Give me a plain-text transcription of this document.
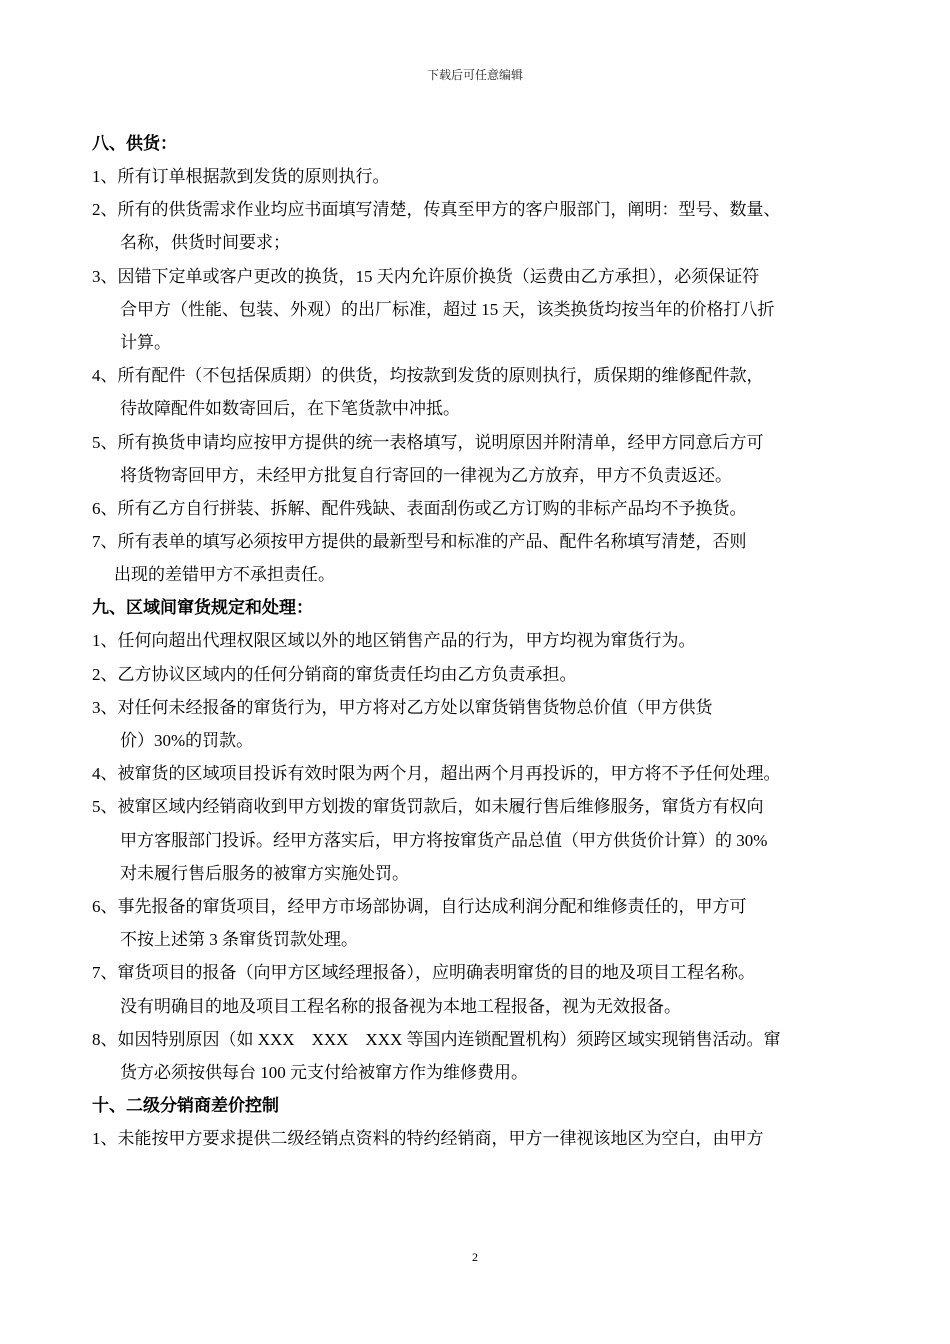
下载后可任意编辑
八、供货：
1、所有订单根据款到发货的原则执行。
2、所有的供货需求作业均应书面填写清楚，传真至甲方的客户服部门，阐明：型号、数量、
名称，供货时间要求；
3、因错下定单或客户更改的换货，15 天内允许原价换货（运费由乙方承担），必须保证符
合甲方（性能、包装、外观）的出厂标准，超过 15 天，该类换货均按当年的价格打八折
计算。
4、所有配件（不包括保质期）的供货，均按款到发货的原则执行，质保期的维修配件款，
待故障配件如数寄回后，在下笔货款中冲抵。
5、所有换货申请均应按甲方提供的统一表格填写，说明原因并附清单，经甲方同意后方可
将货物寄回甲方，未经甲方批复自行寄回的一律视为乙方放弃，甲方不负责返还。
6、所有乙方自行拼装、拆解、配件残缺、表面刮伤或乙方订购的非标产品均不予换货。
7、所有表单的填写必须按甲方提供的最新型号和标准的产品、配件名称填写清楚，否则
出现的差错甲方不承担责任。
九、区域间窜货规定和处理：
1、任何向超出代理权限区域以外的地区销售产品的行为，甲方均视为窜货行为。
2、乙方协议区域内的任何分销商的窜货责任均由乙方负责承担。
3、对任何未经报备的窜货行为，甲方将对乙方处以窜货销售货物总价值（甲方供货
价）30%的罚款。
4、被窜货的区域项目投诉有效时限为两个月，超出两个月再投诉的，甲方将不予任何处理。
5、被窜区域内经销商收到甲方划拨的窜货罚款后，如未履行售后维修服务，窜货方有权向
甲方客服部门投诉。经甲方落实后，甲方将按窜货产品总值（甲方供货价计算）的 30%
对未履行售后服务的被窜方实施处罚。
6、事先报备的窜货项目，经甲方市场部协调，自行达成利润分配和维修责任的，甲方可
不按上述第 3 条窜货罚款处理。
7、窜货项目的报备（向甲方区域经理报备），应明确表明窜货的目的地及项目工程名称。
没有明确目的地及项目工程名称的报备视为本地工程报备，视为无效报备。
8、如因特别原因（如 XXX　XXX　XXX 等国内连锁配置机构）须跨区域实现销售活动。窜
货方必须按供每台 100 元支付给被窜方作为维修费用。
十、二级分销商差价控制
1、未能按甲方要求提供二级经销点资料的特约经销商，甲方一律视该地区为空白，由甲方
2
